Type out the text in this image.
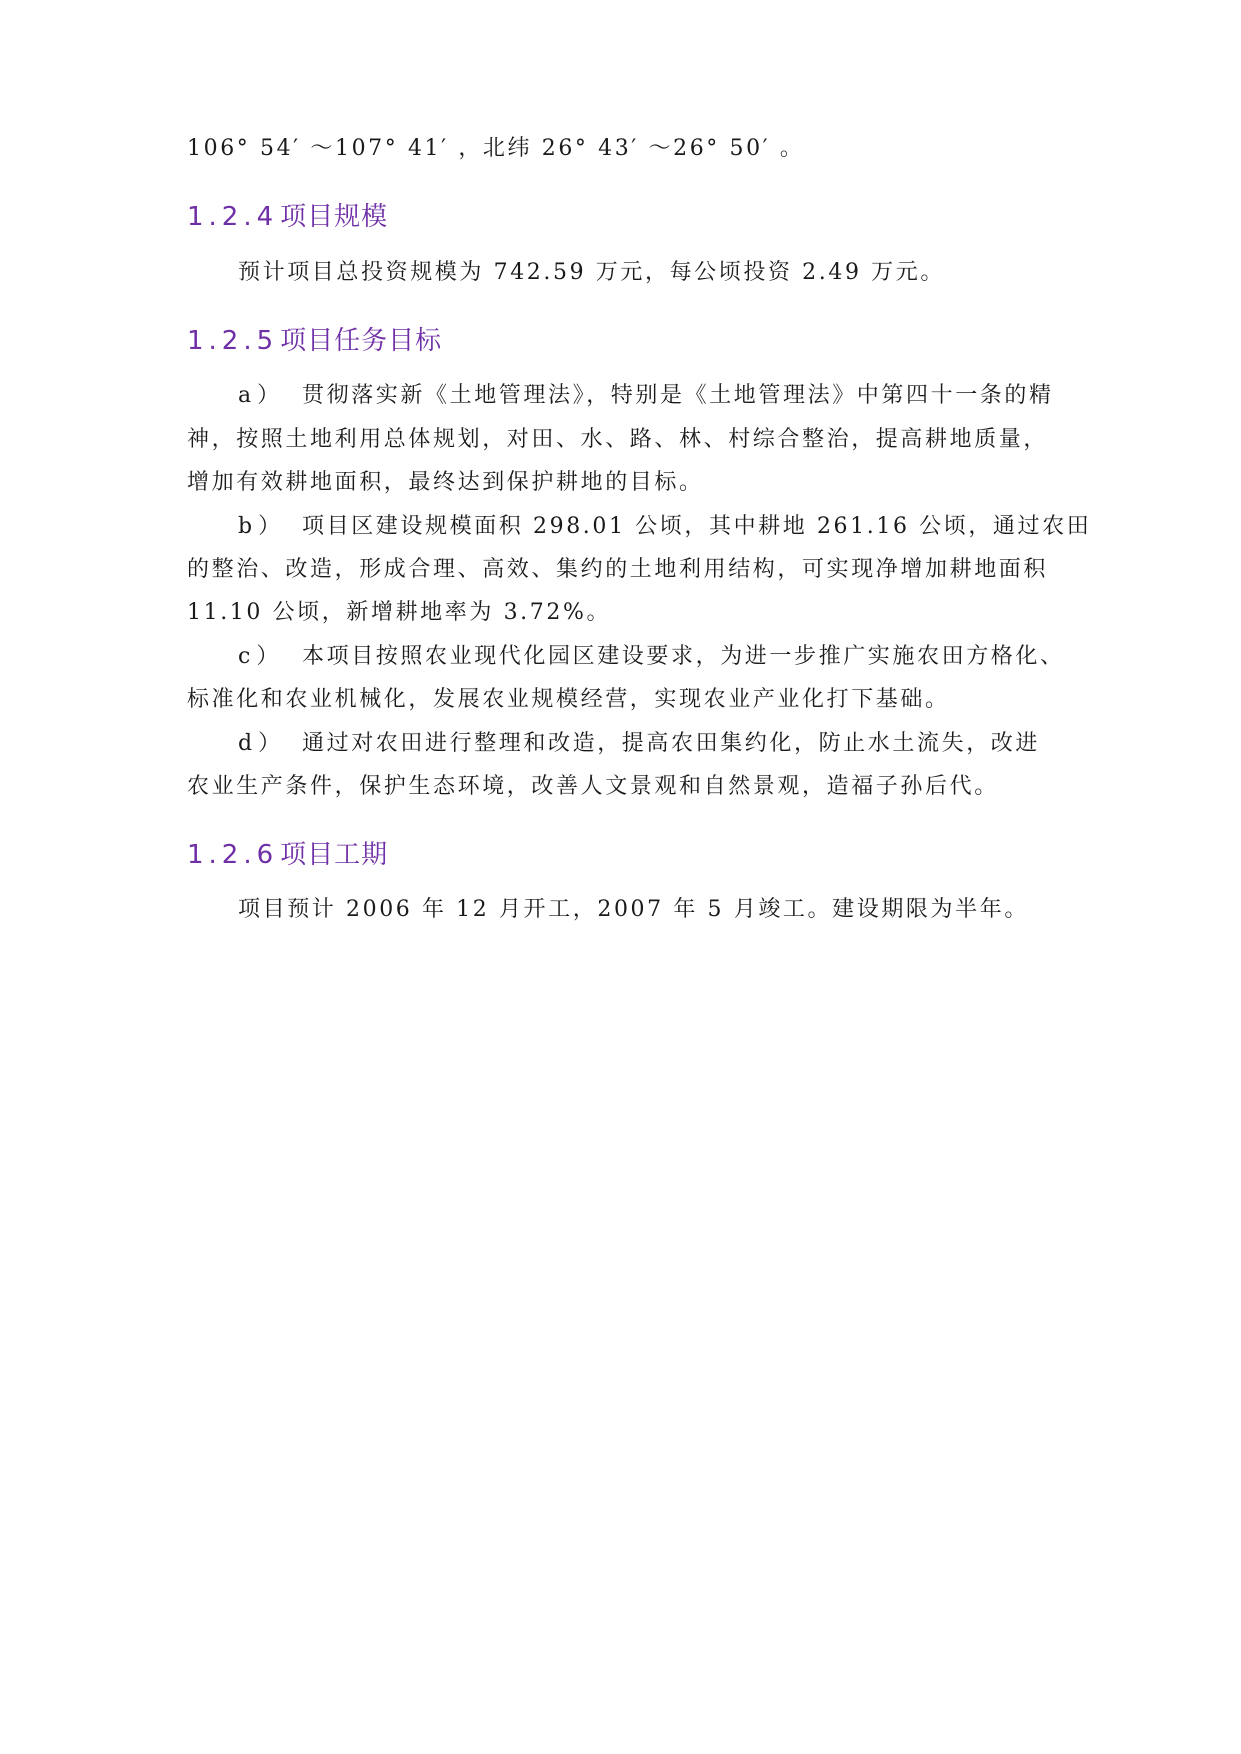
106° 54′ ～107° 41′ ，北纬 26° 43′ ～26° 50′ 。
1.2.4项目规模
预计项目总投资规模为 742.59 万元，每公顷投资 2.49 万元。
1.2.5项目任务目标
a） 贯彻落实新《土地管理法》，特别是《土地管理法》中第四十一条的精
神，按照土地利用总体规划，对田、水、路、林、村综合整治，提高耕地质量，
增加有效耕地面积，最终达到保护耕地的目标。
b） 项目区建设规模面积 298.01 公顷，其中耕地 261.16 公顷，通过农田
的整治、改造，形成合理、高效、集约的土地利用结构，可实现净增加耕地面积
11.10 公顷，新增耕地率为 3.72%。
c） 本项目按照农业现代化园区建设要求，为进一步推广实施农田方格化、
标准化和农业机械化，发展农业规模经营，实现农业产业化打下基础。
d） 通过对农田进行整理和改造，提高农田集约化，防止水土流失，改进
农业生产条件，保护生态环境，改善人文景观和自然景观，造福子孙后代。
1.2.6项目工期
项目预计 2006 年 12 月开工，2007 年 5 月竣工。建设期限为半年。
